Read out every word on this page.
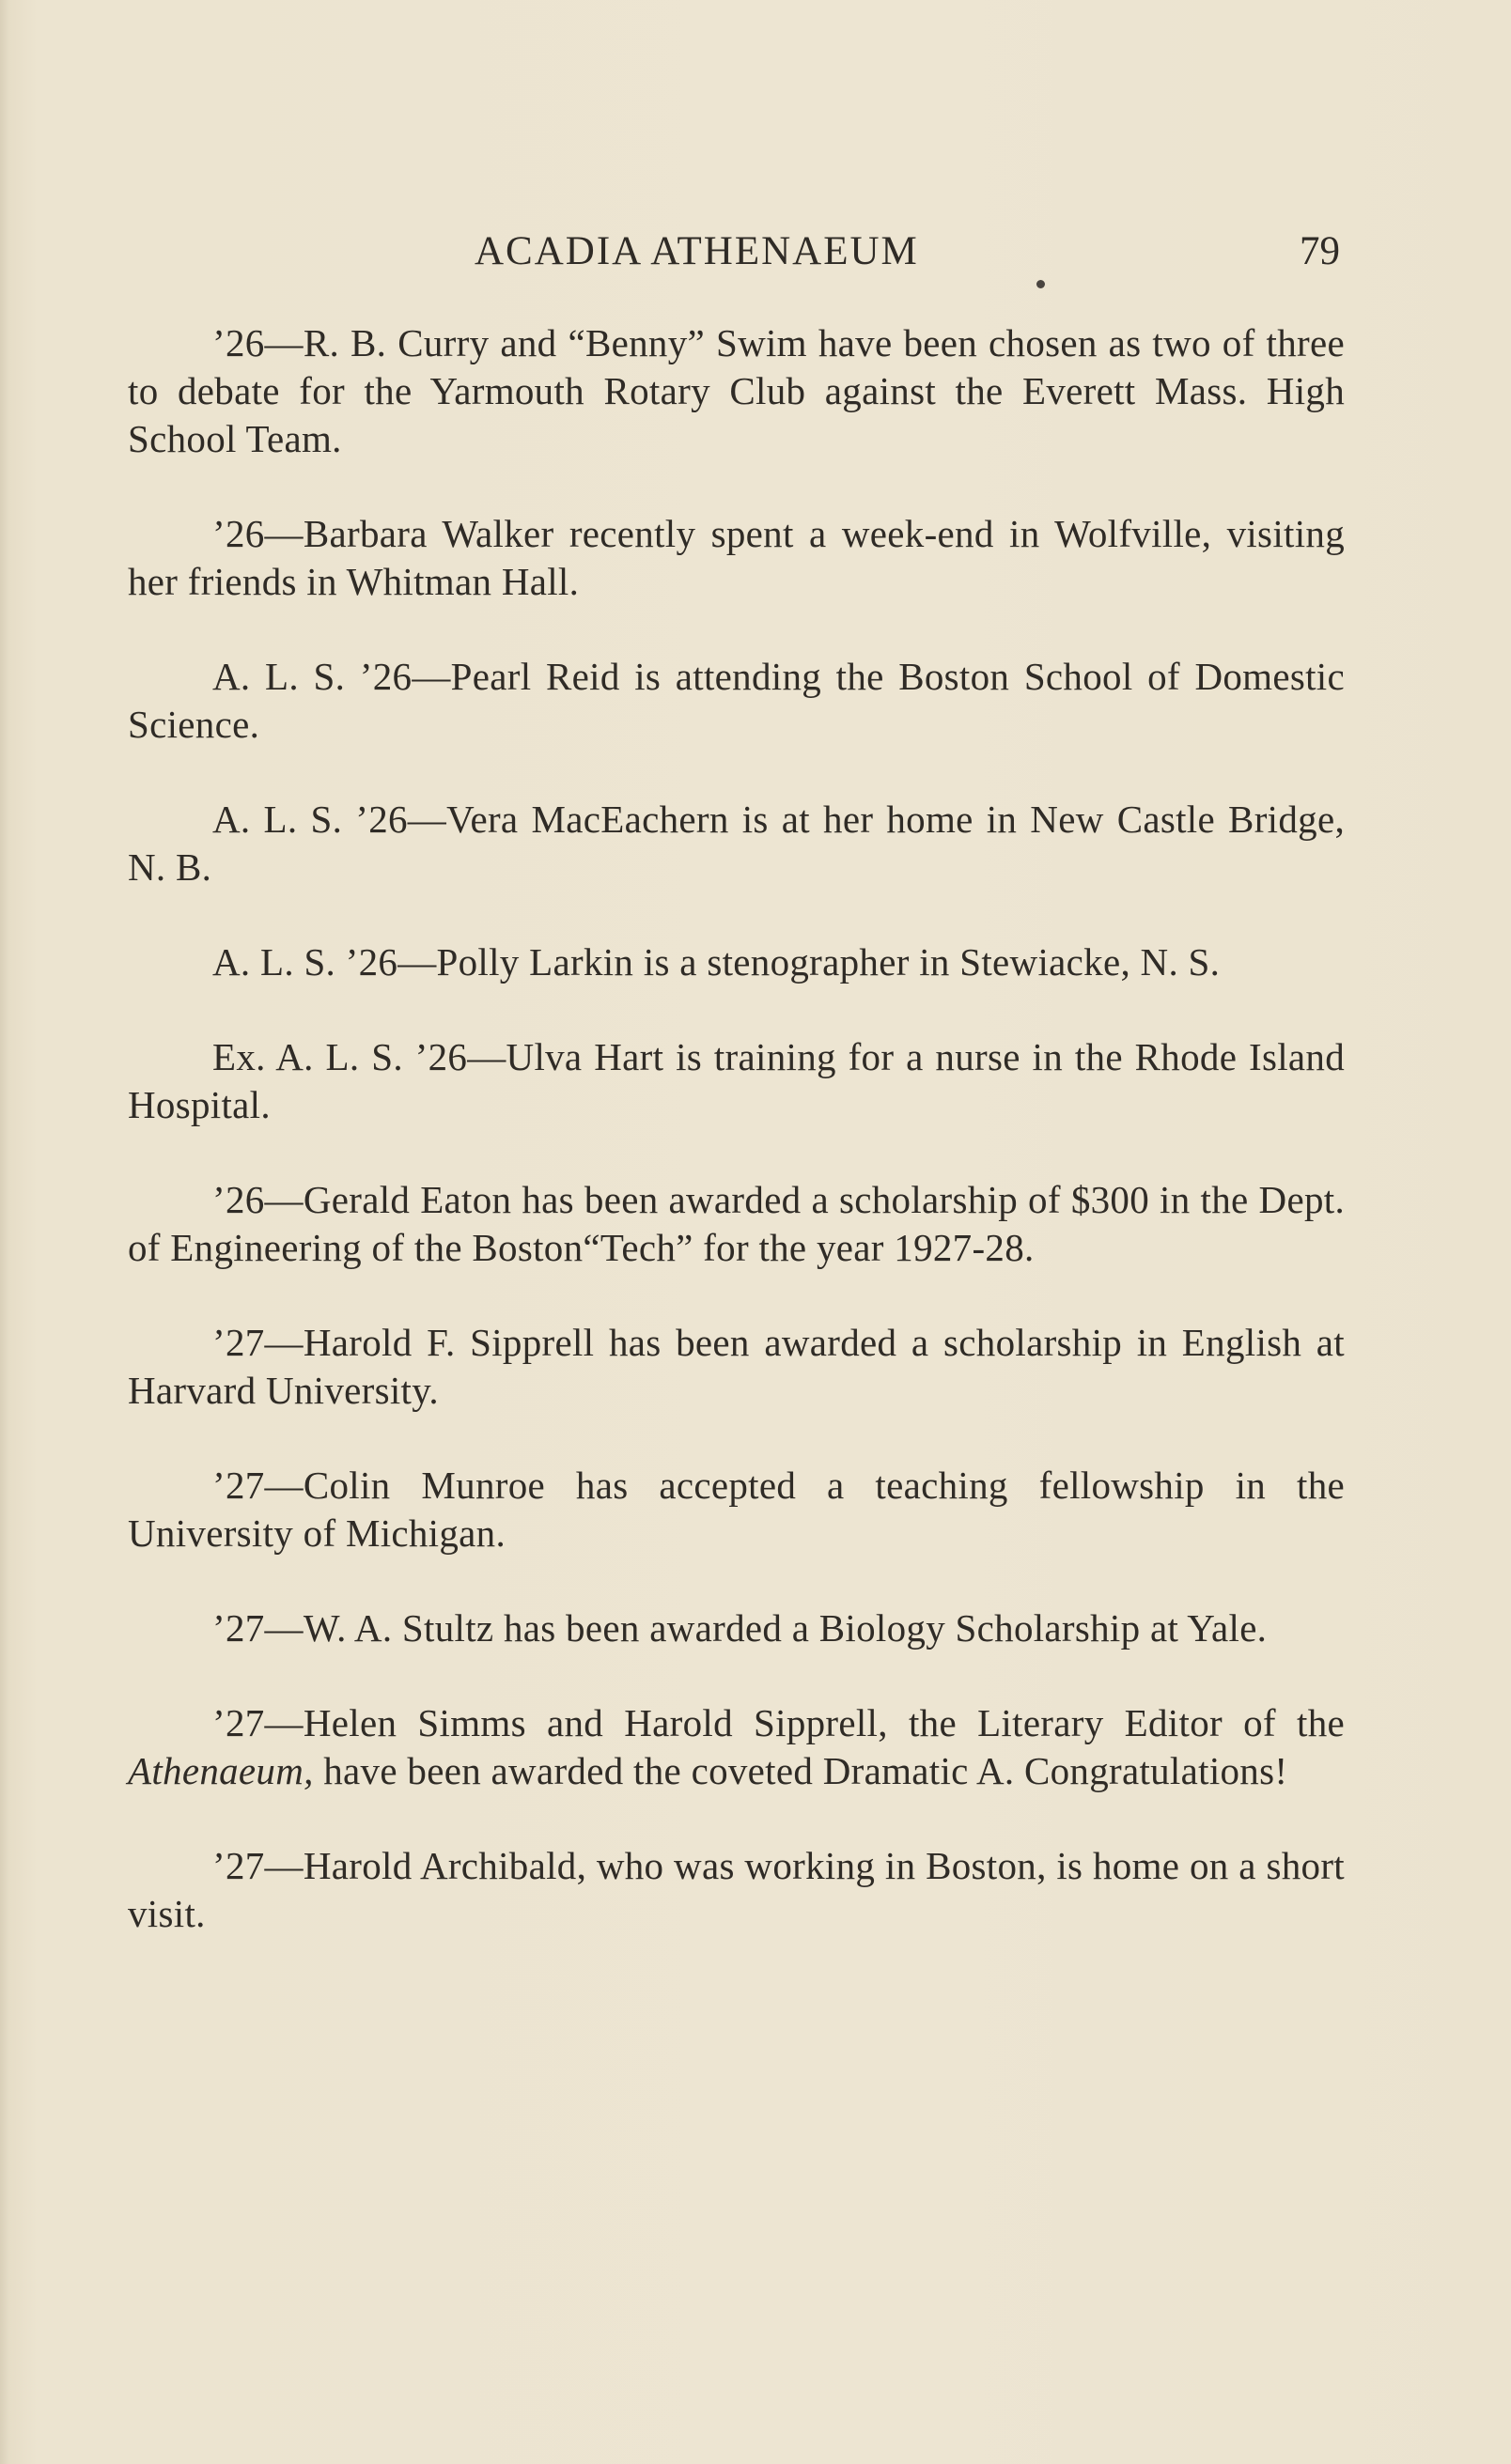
ACADIA ATHENAEUM	79

’26—R. B. Curry and “Benny” Swim have been chosen as two of three to debate for the Yarmouth Rotary Club against the Everett Mass. High School Team.

’26—Barbara Walker recently spent a week-end in Wolfville, visiting her friends in Whitman Hall.

A. L. S. ’26—Pearl Reid is attending the Boston School of Domestic Science.

A. L. S. ’26—Vera MacEachern is at her home in New Castle Bridge, N. B.

A. L. S. ’26—Polly Larkin is a stenographer in Stewiacke, N. S.

Ex. A. L. S. ’26—Ulva Hart is training for a nurse in the Rhode Island Hospital.

’26—Gerald Eaton has been awarded a scholarship of $300 in the Dept. of Engineering of the Boston“Tech” for the year 1927-28.

’27—Harold F. Sipprell has been awarded a scholarship in English at Harvard University.

’27—Colin Munroe has accepted a teaching fellowship in the University of Michigan.

’27—W. A. Stultz has been awarded a Biology Scholarship at Yale.

’27—Helen Simms and Harold Sipprell, the Literary Editor of the Athenaeum, have been awarded the coveted Dramatic A. Congratulations!

’27—Harold Archibald, who was working in Boston, is home on a short visit.
